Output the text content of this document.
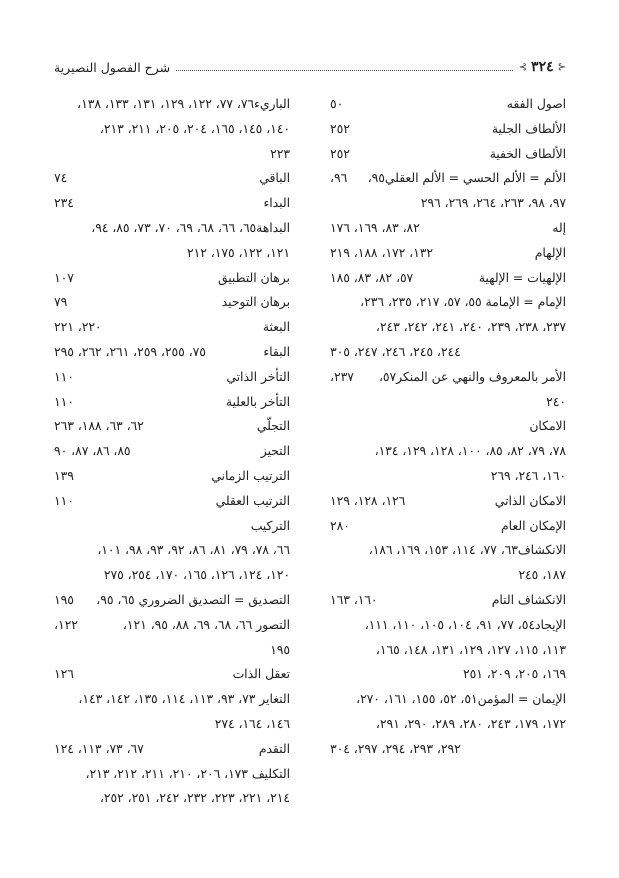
⊰
٣٢٤
⊱
شرح الفصول النصيرية
اصول الفقه
٥٠
الألطاف الجلية
٢٥٢
الألطاف الخفية
٢٥٢
الألم = الألم الحسي = الألم العقلي٩٥،
٩٦،
٩٧، ٩٨، ٢٦٣، ٢٦٤، ٢٦٩، ٢٩٦
إله
٨٢، ٨٣، ١٦٩، ١٧٦
الإلهام
١٣٢، ١٧٢، ١٨٨، ٢١٩
الإلهيات = الإلهية
٥٧، ٨٢، ٨٣، ١٨٥
الإمام = الإمامة ٥٥، ٥٧، ٢١٧، ٢٣٥، ٢٣٦،
٢٣٧، ٢٣٨، ٢٣٩، ٢٤٠، ٢٤١، ٢٤٢، ٢٤٣،
٢٤٤، ٢٤٥، ٢٤٦، ٢٤٧، ٣٠٥
الأمر بالمعروف والنهي عن المنكر٥٧،
٢٣٧،
٢٤٠
الامكان
٧٨، ٧٩، ٨٢، ٨٥، ١٠٠، ١٢٨، ١٢٩، ١٣٤،
١٦٠، ٢٤٦، ٢٦٩
الامكان الذاتي
١٢٦، ١٢٨، ١٢٩
الإمكان العام
٢٨٠
الانكشاف٦٣، ٧٧، ١١٤، ١٥٣، ١٦٩، ١٨٦،
١٨٧، ٢٤٥
الانكشاف التام
١٦٠، ١٦٣
الإيجاد٥٤، ٧٧، ٩١، ١٠٤، ١٠٥، ١١٠، ١١١،
١١٣، ١١٥، ١٢٧، ١٢٩، ١٣١، ١٤٨، ١٦٥،
١٦٩، ٢٠٥، ٢٠٩، ٢٥١
الإيمان = المؤمن٥١، ٥٢، ١٥٥، ١٦١، ٢٧٠،
١٧٢، ١٧٩، ٢٤٣، ٢٨٠، ٢٨٩، ٢٩٠، ٢٩١،
٢٩٢، ٢٩٣، ٢٩٤، ٢٩٧، ٣٠٤
الباريء٧٦، ٧٧، ١٢٢، ١٢٩، ١٣١، ١٣٣، ١٣٨،
١٤٠، ١٤٥، ١٦٥، ٢٠٤، ٢٠٥، ٢١١، ٢١٣،
٢٢٣
الباقي
٧٤
البداء
٢٣٤
البداهة٦٥، ٦٦، ٦٨، ٦٩، ٧٠، ٧٣، ٨٥، ٩٤،
١٢١، ١٢٢، ١٧٥، ٢١٢
برهان التطبيق
١٠٧
برهان التوحيد
٧٩
البعثة
٢٢٠، ٢٢١
البقاء
٧٥، ٢٥٥، ٢٥٩، ٢٦١، ٢٦٢، ٢٩٥
التأخر الذاتي
١١٠
التأخر بالعلية
١١٠
التجلّي
٦٢، ٦٣، ١٨٨، ٢٦٣
التحيز
٨٥، ٨٦، ٨٧، ٩٠
الترتيب الزماني
١٣٩
الترتيب العقلي
١١٠
التركيب
٦٦، ٧٨، ٧٩، ٨١، ٨٦، ٩٢، ٩٣، ٩٨، ١٠١،
١٢٠، ١٢٤، ١٢٦، ١٦٥، ١٧٠، ٢٥٤، ٢٧٥
التصديق = التصديق الضروري ٦٥، ٩٥،
١٩٥
التصور ٦٦، ٦٨، ٦٩، ٨٨، ٩٥، ١٢١،
١٢٢،
١٩٥
تعقل الذات
١٢٦
التغاير ٧٣، ٩٣، ١١٣، ١١٤، ١٣٥، ١٤٢، ١٤٣،
١٤٦، ١٦٤، ٢٧٤
التقدم
٦٧، ٧٣، ١١٣، ١٢٤
التكليف ١٧٣، ٢٠٦، ٢١٠، ٢١١، ٢١٢، ٢١٣،
٢١٤، ٢٢١، ٢٢٣، ٢٣٢، ٢٤٢، ٢٥١، ٢٥٢،
